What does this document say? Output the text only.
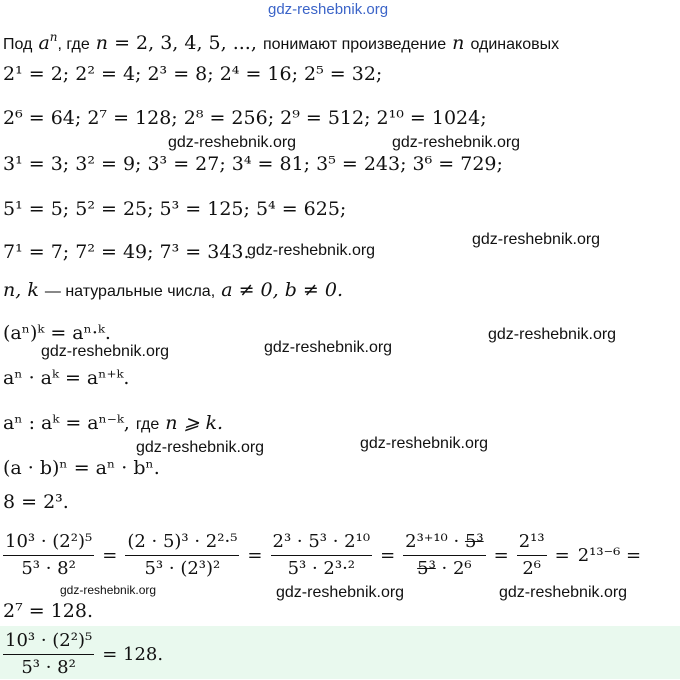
gdz-reshebnik.org
Под $a^n$, где n = 2, 3, 4, 5, ..., понимают произведение n одинаковых
2¹ = 2; 2² = 4; 2³ = 8; 2⁴ = 16; 2⁵ = 32;
2⁶ = 64; 2⁷ = 128; 2⁸ = 256; 2⁹ = 512; 2¹⁰ = 1024;
gdz-reshebnik.org	gdz-reshebnik.org
3¹ = 3; 3² = 9; 3³ = 27; 3⁴ = 81; 3⁵ = 243; 3⁶ = 729;
5¹ = 5; 5² = 25; 5³ = 125; 5⁴ = 625;
gdz-reshebnik.org
7¹ = 7; 7² = 49; 7³ = 343.
gdz-reshebnik.org
n, k — натуральные числа, a ≠ 0, b ≠ 0.
(aⁿ)ᵏ = aⁿ·ᵏ.	gdz-reshebnik.org
gdz-reshebnik.org
gdz-reshebnik.org
aⁿ · aᵏ = aⁿ⁺ᵏ.
aⁿ : aᵏ = aⁿ⁻ᵏ, где n ⩾ k.
gdz-reshebnik.org
gdz-reshebnik.org
(a · b)ⁿ = aⁿ · bⁿ.
8 = 2³.
$\frac{\text{10³ · (2²)⁵}}{\text{5³ · 8²}} = \frac{\text{(2 · 5)³ · 2²·⁵}}{\text{5³ · (2³)²}} = \frac{\text{2³ · 5³ · 2¹⁰}}{\text{5³ · 2³·²}} = \frac{\text{2³⁺¹⁰ · 5³}}{\text{5³ · 2⁶}} = \frac{\text{2¹³}}{\text{2⁶}} = 2^{13-6}$ =
gdz-reshebnik.org	gdz-reshebnik.org	gdz-reshebnik.org
2⁷ = 128.
$\frac{\text{10³ · (2²)⁵}}{\text{5³ · 8²}} = 128$.
